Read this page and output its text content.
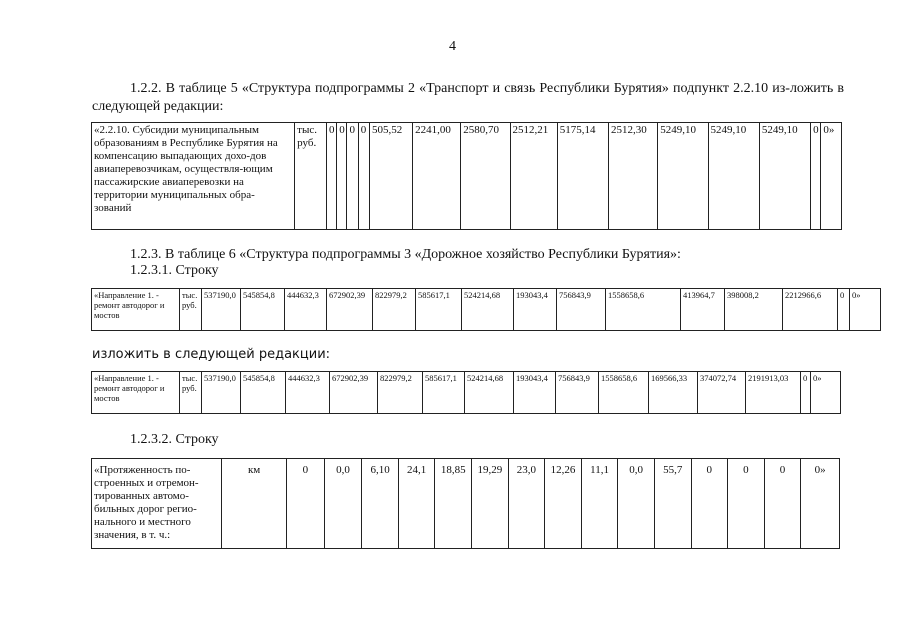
4
1.2.2. В таблице 5 «Структура подпрограммы 2 «Транспорт и связь Республики Бурятия» подпункт 2.2.10 из-ложить в следующей редакции:
«2.2.10. Субсидии муниципальным образованиям в Республике Бурятия на компенсацию выпадающих дохо-дов авиаперевозчикам, осуществля-ющим пассажирские авиаперевозки на территории муниципальных обра-зований	тыс. руб.	0	0	0	0	505,52	2241,00	2580,70	2512,21	5175,14	2512,30	5249,10	5249,10	5249,10	0	0»
1.2.3. В таблице 6 «Структура подпрограммы 3 «Дорожное хозяйство Республики Бурятия»:
1.2.3.1. Строку
«Направление 1. - ремонт автодорог и мостов	тыс. руб.	537190,0	545854,8	444632,3	672902,39	822979,2	585617,1	524214,68	193043,4	756843,9	1558658,6	413964,7	398008,2	2212966,6	0	0»
изложить в следующей редакции:
«Направление 1. - ремонт автодорог и мостов	тыс. руб.	537190,0	545854,8	444632,3	672902,39	822979,2	585617,1	524214,68	193043,4	756843,9	1558658,6	169566,33	374072,74	2191913,03	0	0»
1.2.3.2. Строку
«Протяженность по-строенных и отремон-тированных автомо-бильных дорог регио-нального и местного значения, в т. ч.:	км	0	0,0	6,10	24,1	18,85	19,29	23,0	12,26	11,1	0,0	55,7	0	0	0	0»
